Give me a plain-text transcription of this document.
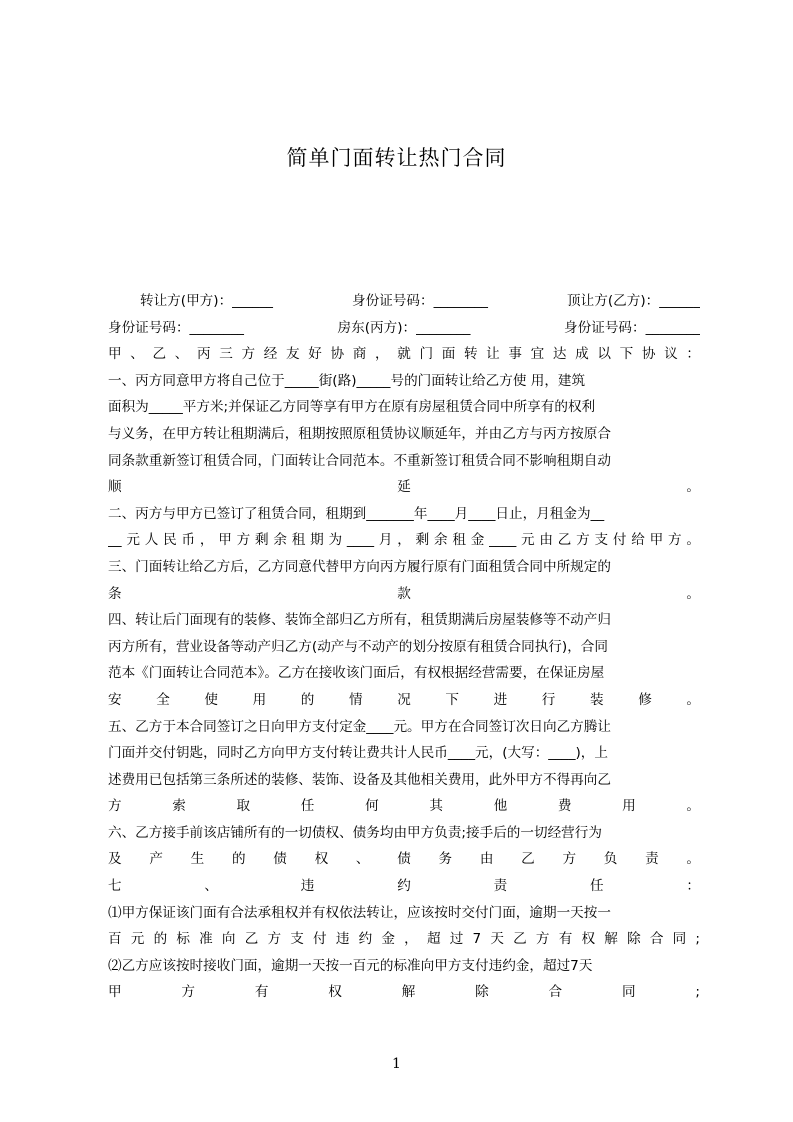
简单门面转让热门合同
转让方(甲方)：______	身份证号码：________	顶让方(乙方)：______
身份证号码：________	房东(丙方)：________	身份证号码：________
甲、乙、丙三方经友好协商，就门面转让事宜达成以下协议：
一、丙方同意甲方将自己位于_____街(路)_____号的门面转让给乙方使 用，建筑
面积为_____平方米;并保证乙方同等享有甲方在原有房屋租赁合同中所享有的权利
与义务，在甲方转让租期满后，租期按照原租赁协议顺延年，并由乙方与丙方按原合
同条款重新签订租赁合同，门面转让合同范本。不重新签订租赁合同不影响租期自动
顺　　　　　　　　　　　　　　　　　　延　　　　　　　　　　　　　　　　　　。
二、丙方与甲方已签订了租赁合同，租期到_______年____月____日止，月租金为__
__元人民币，甲方剩余租期为____月，剩余租金____元由乙方支付给甲方。
三、门面转让给乙方后，乙方同意代替甲方向丙方履行原有门面租赁合同中所规定的
条　　　　　　　　　　　　　　　　　　款　　　　　　　　　　　　　　　　　　。
四、转让后门面现有的装修、装饰全部归乙方所有，租赁期满后房屋装修等不动产归
丙方所有，营业设备等动产归乙方(动产与不动产的划分按原有租赁合同执行)，合同
范本《门面转让合同范本》。乙方在接收该门面后，有权根据经营需要，在保证房屋
安全使用的情况下进行装修。
五、乙方于本合同签订之日向甲方支付定金____元。甲方在合同签订次日向乙方腾让
门面并交付钥匙，同时乙方向甲方支付转让费共计人民币____元，(大写：____)，上
述费用已包括第三条所述的装修、装饰、设备及其他相关费用，此外甲方不得再向乙
方索取任何其他费用。
六、乙方接手前该店铺所有的一切债权、债务均由甲方负责;接手后的一切经营行为
及产生的债权、债务由乙方负责。
七、违约责任：
⑴甲方保证该门面有合法承租权并有权依法转让，应该按时交付门面，逾期一天按一
百元的标准向乙方支付违约金，超过7天乙方有权解除合同;
⑵乙方应该按时接收门面，逾期一天按一百元的标准向甲方支付违约金，超过7天
甲方有权解除合同;
1
